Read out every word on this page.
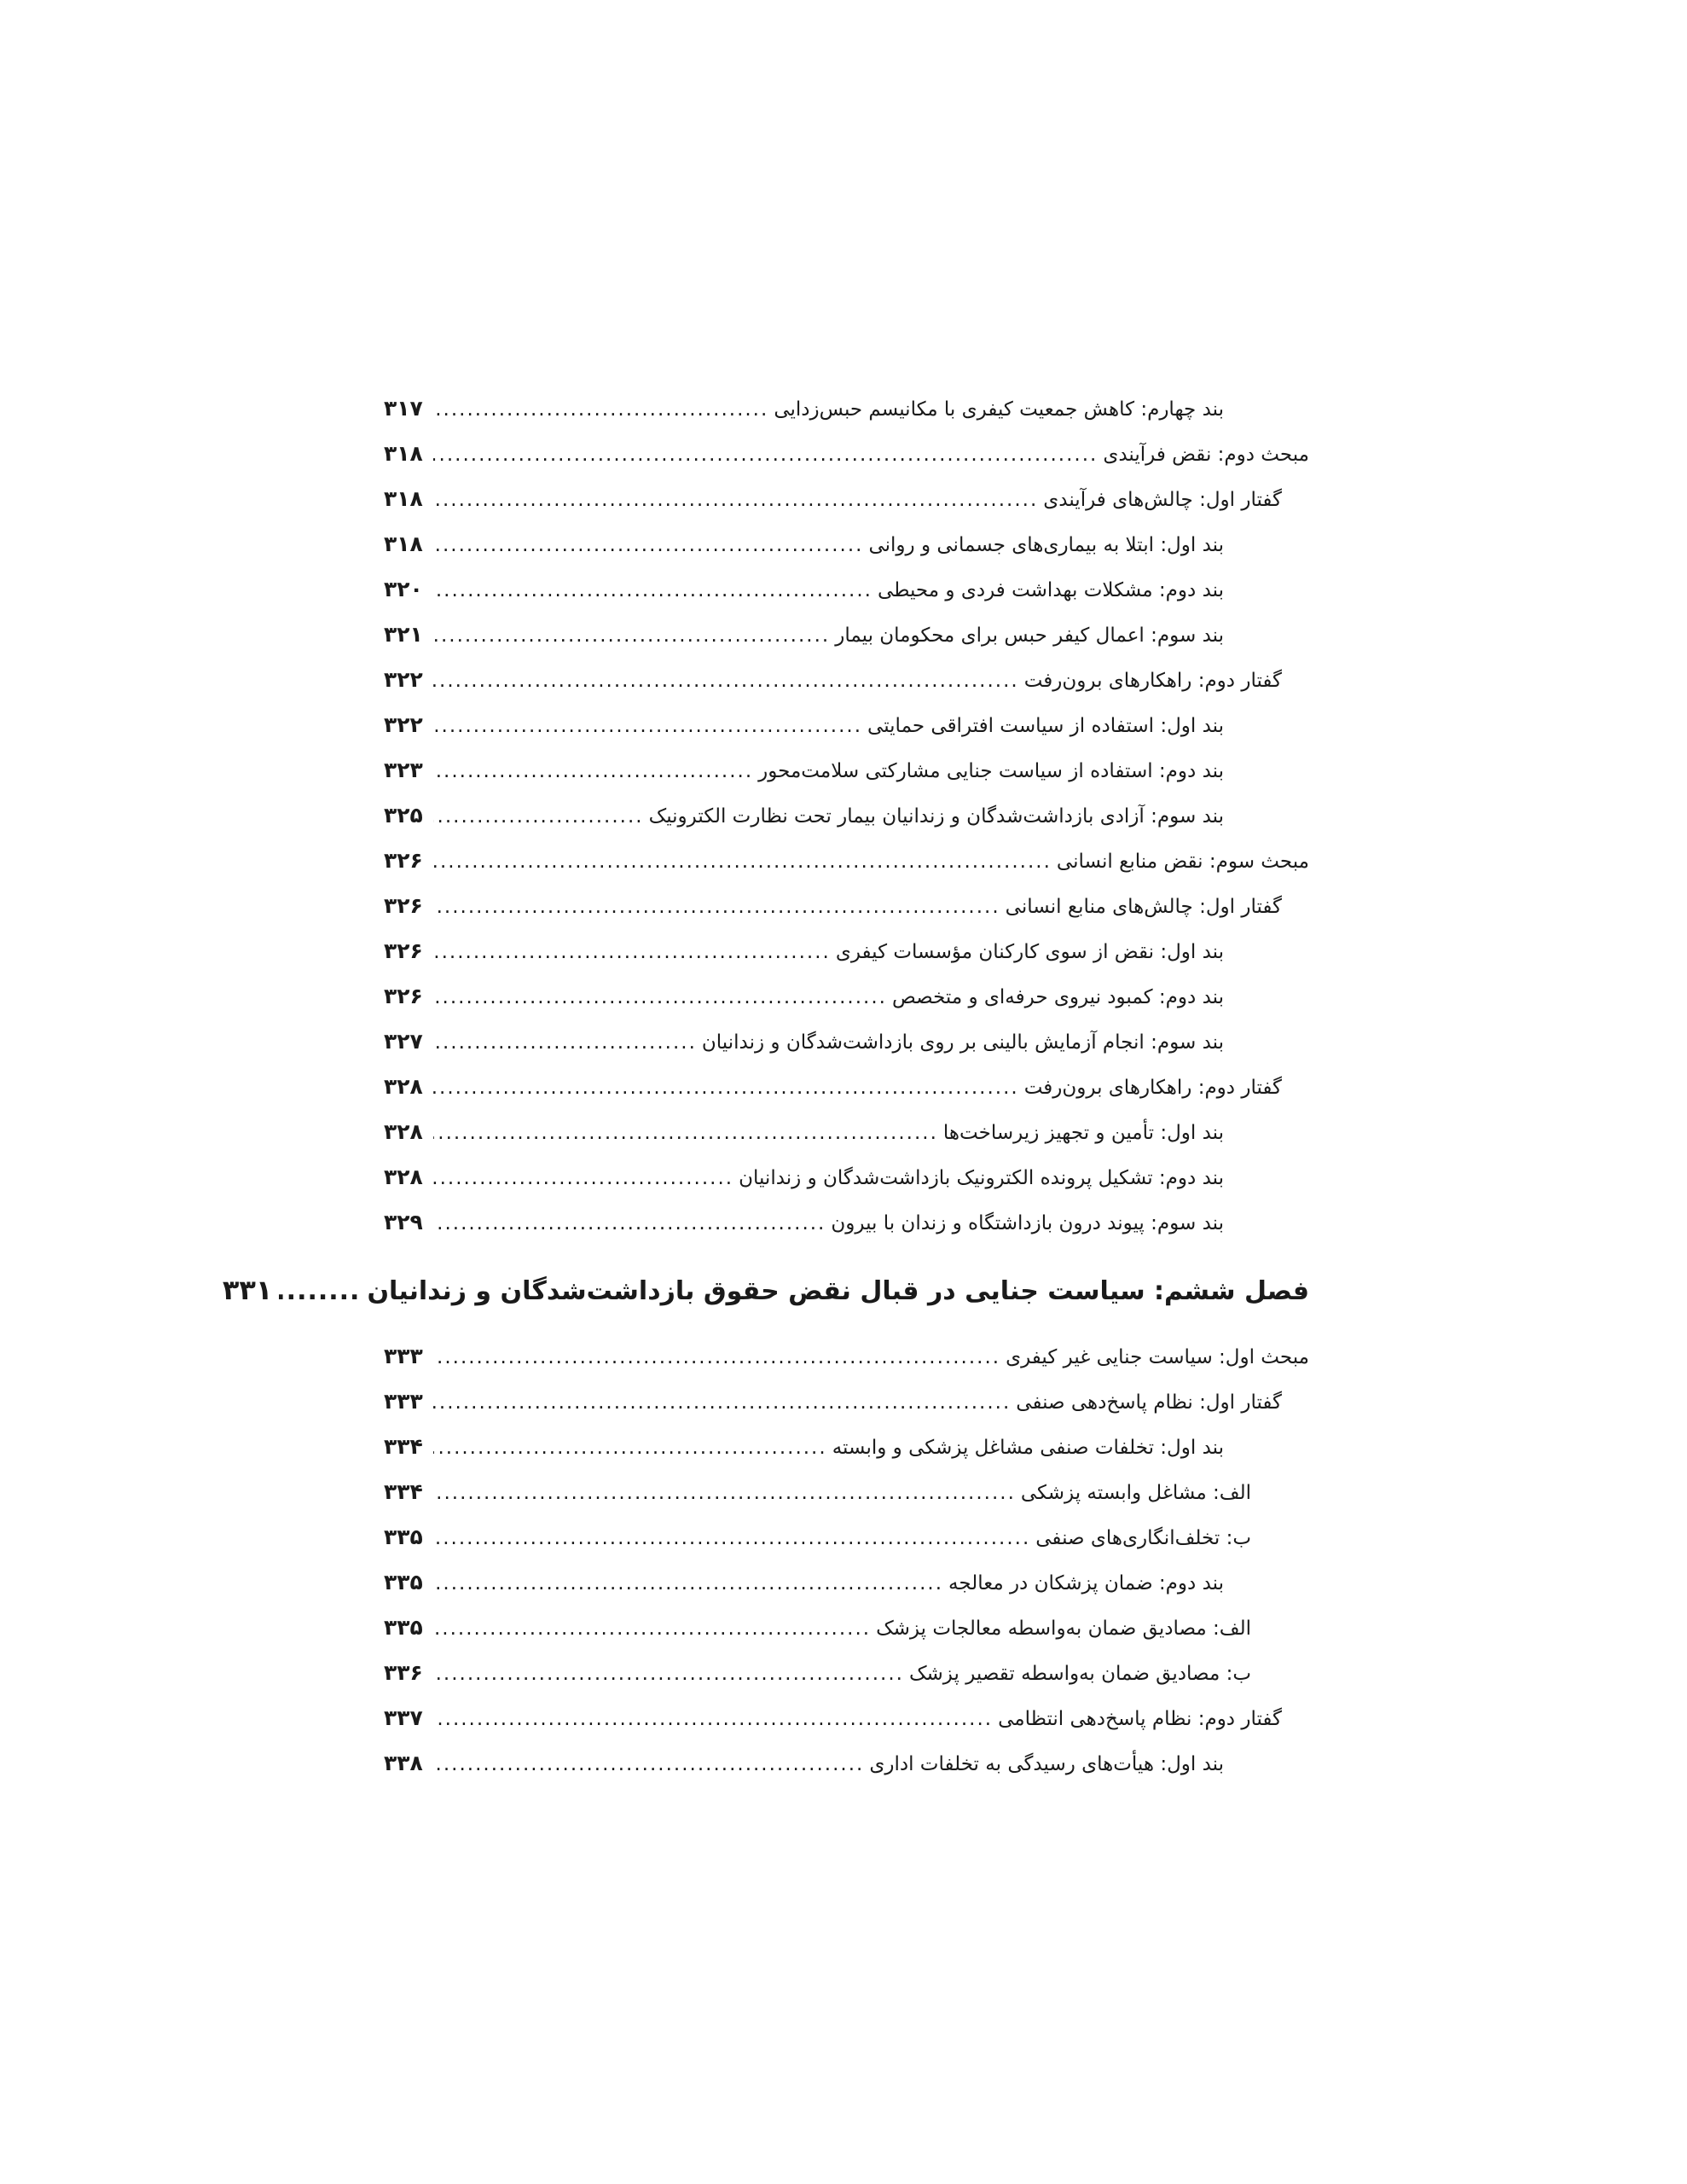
بند چهارم: کاهش جمعیت کیفری با مکانیسم حبس‌زدایی
.....
۳۱۷
مبحث دوم: نقض فرآیندی
.....
۳۱۸
گفتار اول: چالش‌های فرآیندی
.....
۳۱۸
بند اول: ابتلا به بیماری‌های جسمانی و روانی
.....
۳۱۸
بند دوم: مشکلات بهداشت فردی و محیطی
.....
۳۲۰
بند سوم: اعمال کیفر حبس برای محکومان بیمار
.....
۳۲۱
گفتار دوم: راهکارهای برون‌رفت
.....
۳۲۲
بند اول: استفاده از سیاست افتراقی حمایتی
.....
۳۲۲
بند دوم: استفاده از سیاست جنایی مشارکتی سلامت‌محور
.....
۳۲۳
بند سوم: آزادی بازداشت‌شدگان و زندانیان بیمار تحت نظارت الکترونیک
.....
۳۲۵
مبحث سوم: نقض منابع انسانی
.....
۳۲۶
گفتار اول: چالش‌های منابع انسانی
.....
۳۲۶
بند اول: نقض از سوی کارکنان مؤسسات کیفری
.....
۳۲۶
بند دوم: کمبود نیروی حرفه‌ای و متخصص
.....
۳۲۶
بند سوم: انجام آزمایش بالینی بر روی بازداشت‌شدگان و زندانیان
.....
۳۲۷
گفتار دوم: راهکارهای برون‌رفت
.....
۳۲۸
بند اول: تأمین و تجهیز زیرساخت‌ها
.....
۳۲۸
بند دوم: تشکیل پرونده الکترونیک بازداشت‌شدگان و زندانیان
.....
۳۲۸
بند سوم: پیوند درون بازداشتگاه و زندان با بیرون
.....
۳۲۹
فصل ششم: سیاست جنایی در قبال نقض حقوق بازداشت‌شدگان و زندانیان
.....
۳۳۱
مبحث اول: سیاست جنایی غیر کیفری
.....
۳۳۳
گفتار اول: نظام پاسخ‌دهی صنفی
.....
۳۳۳
بند اول: تخلفات صنفی مشاغل پزشکی و وابسته
.....
۳۳۴
الف: مشاغل وابسته پزشکی
.....
۳۳۴
ب: تخلف‌انگاری‌های صنفی
.....
۳۳۵
بند دوم: ضمان پزشکان در معالجه
.....
۳۳۵
الف: مصادیق ضمان به‌واسطه معالجات پزشک
.....
۳۳۵
ب: مصادیق ضمان به‌واسطه تقصیر پزشک
.....
۳۳۶
گفتار دوم: نظام پاسخ‌دهی انتظامی
.....
۳۳۷
بند اول: هیأت‌های رسیدگی به تخلفات اداری
.....
۳۳۸
